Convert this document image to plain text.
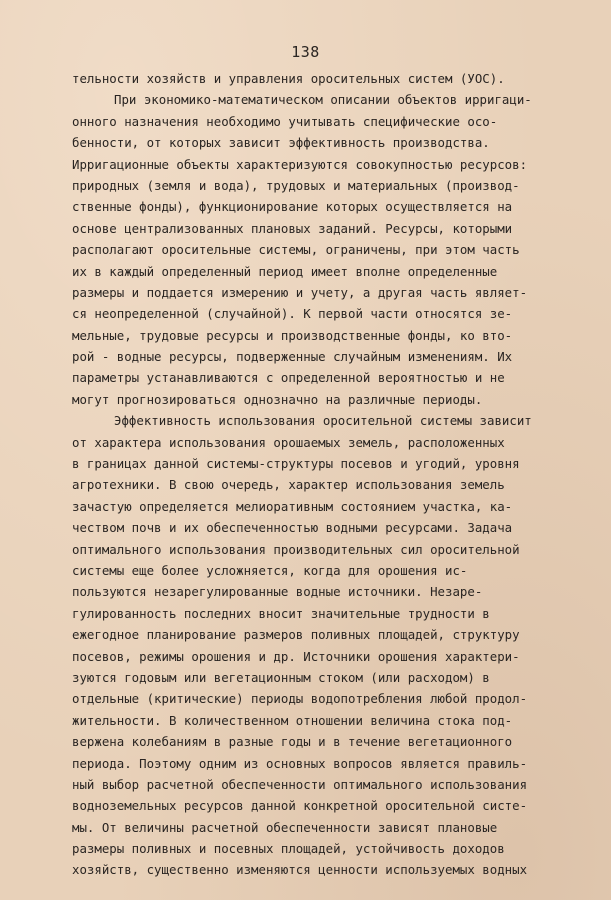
138
тельности хозяйств и управления оросительных систем (УОС).
При экономико-математическом описании объектов ирригаци-
онного назначения необходимо учитывать специфические осо-
бенности, от которых зависит эффективность производства.
Ирригационные объекты характеризуются совокупностью ресурсов:
природных (земля и вода), трудовых и материальных (производ-
ственные фонды), функционирование которых осуществляется на
основе централизованных плановых заданий. Ресурсы, которыми
располагают оросительные системы, ограничены, при этом часть
их в каждый определенный период имеет вполне определенные
размеры и поддается измерению и учету, а другая часть являет-
ся неопределенной (случайной). К первой части относятся зе-
мельные, трудовые ресурсы и производственные фонды, ко вто-
рой - водные ресурсы, подверженные случайным изменениям. Их
параметры устанавливаются с определенной вероятностью и не
могут прогнозироваться однозначно на различные периоды.
Эффективность использования оросительной системы зависит
от характера использования орошаемых земель, расположенных
в границах данной системы-структуры посевов и угодий, уровня
агротехники. В свою очередь, характер использования земель
зачастую определяется мелиоративным состоянием участка, ка-
чеством почв и их обеспеченностью водными ресурсами. Задача
оптимального использования производительных сил оросительной
системы еще более усложняется, когда для орошения ис-
пользуются незарегулированные водные источники. Незаре-
гулированность последних вносит значительные трудности в
ежегодное планирование размеров поливных площадей, структуру
посевов, режимы орошения и др. Источники орошения характери-
зуются годовым или вегетационным стоком (или расходом) в
отдельные (критические) периоды водопотребления любой продол-
жительности. В количественном отношении величина стока под-
вержена колебаниям в разные годы и в течение вегетационного
периода. Поэтому одним из основных вопросов является правиль-
ный выбор расчетной обеспеченности оптимального использования
водноземельных ресурсов данной конкретной оросительной систе-
мы. От величины расчетной обеспеченности зависят плановые
размеры поливных и посевных площадей, устойчивость доходов
хозяйств, существенно изменяются ценности используемых водных
